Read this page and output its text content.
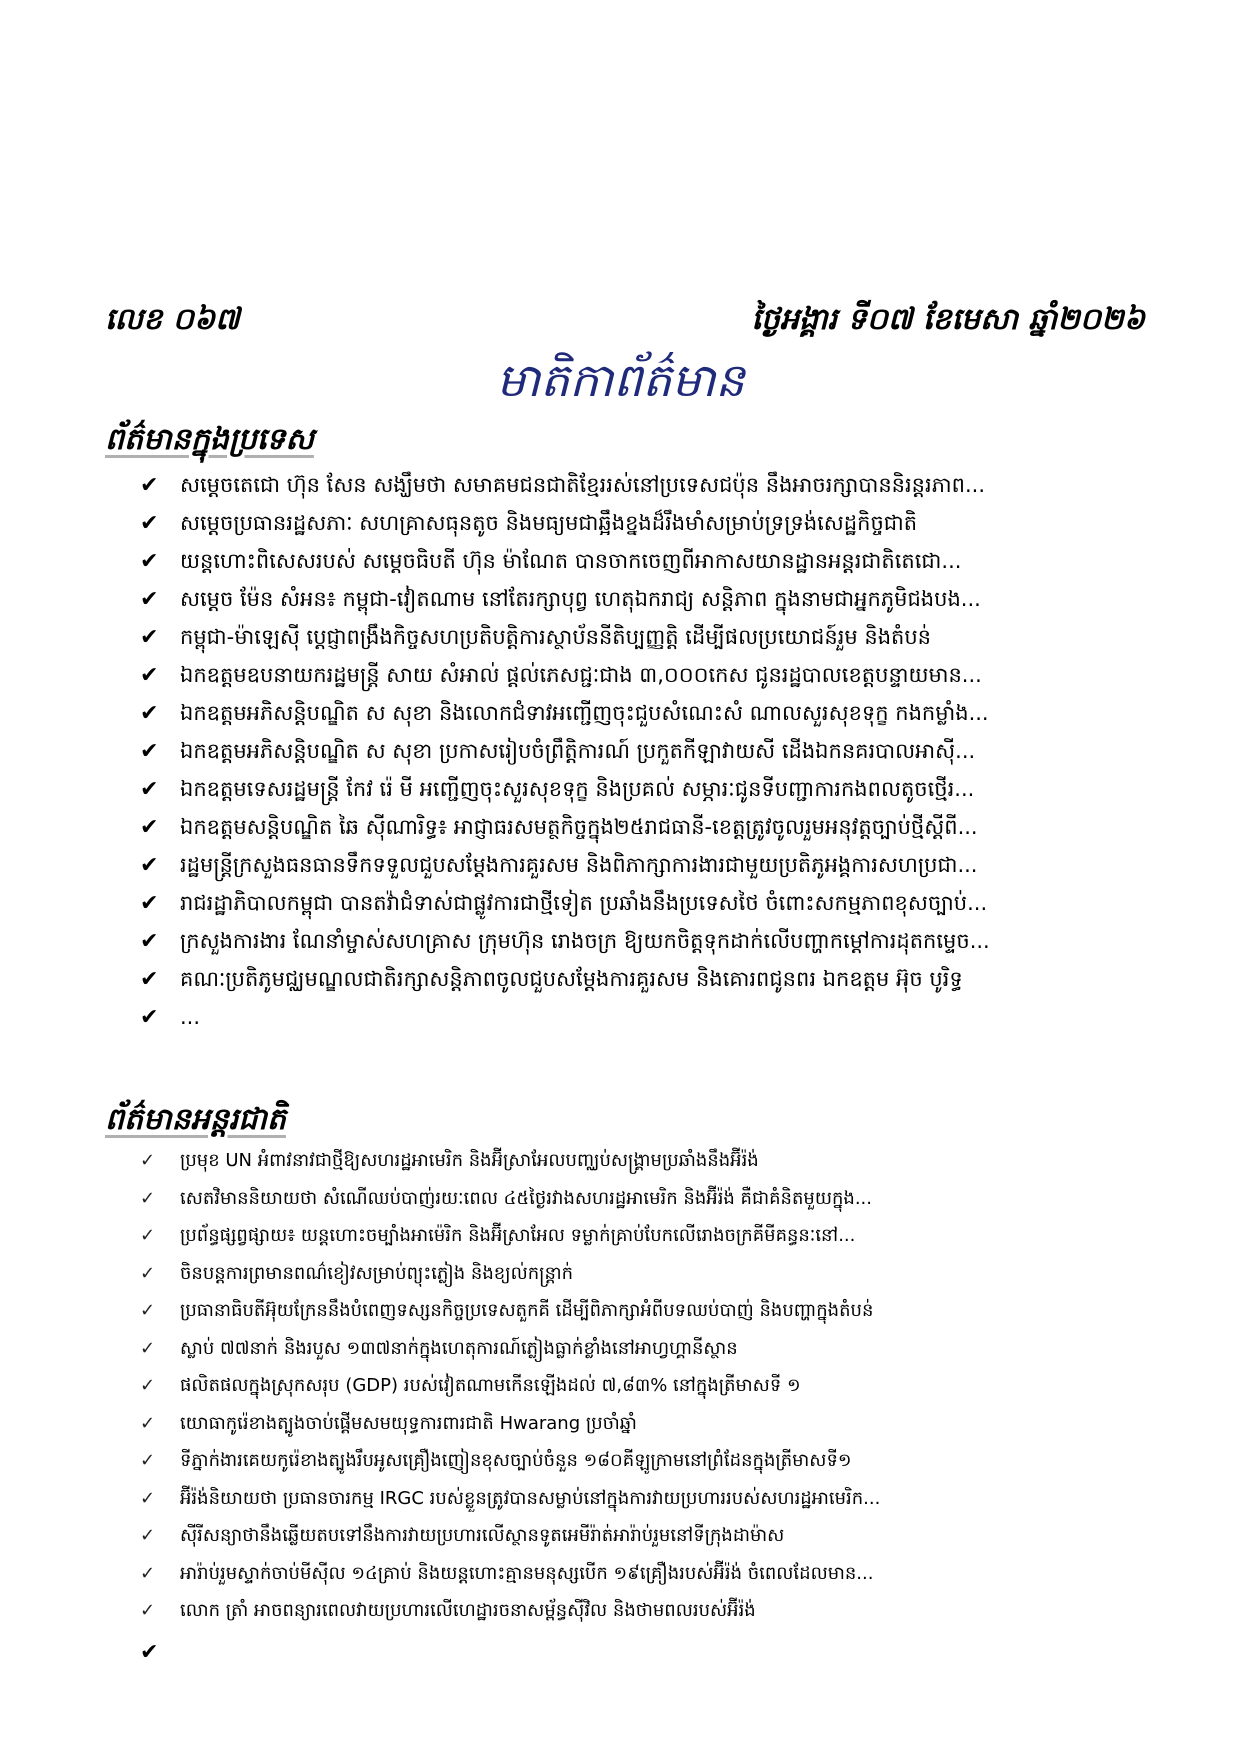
លេខ ០៦៧	ថ្ងៃអង្គារ ទី០៧ ខែមេសា ឆ្នាំ២០២៦
មាតិកាព័ត៌មាន
ព័ត៌មានក្នុងប្រទេស
✔ សម្ដេចតេជោ ហ៊ុន សែន សង្ឃឹមថា សមាគមជនជាតិខ្មែររស់នៅប្រទេសជប៉ុន នឹងអាចរក្សាបាននិរន្តរភាព...
✔ សម្ដេចប្រធានរដ្ឋសភាៈ សហគ្រាសធុនតូច និងមធ្យមជាឆ្អឹងខ្នងដ៏រឹងមាំសម្រាប់ទ្រទ្រង់សេដ្ឋកិច្ចជាតិ
✔ យន្តហោះពិសេសរបស់ សម្ដេចធិបតី ហ៊ុន ម៉ាណែត បានចាកចេញពីអាកាសយានដ្ឋានអន្តរជាតិតេជោ...
✔ សម្ដេច ម៉ែន សំអន៖ កម្ពុជា-វៀតណាម នៅតែរក្សាបុព្វ ហេតុឯករាជ្យ សន្តិភាព ក្នុងនាមជាអ្នកភូមិជងបង...
✔ កម្ពុជា-ម៉ាឡេស៊ី ប្ដេជ្ញាពង្រឹងកិច្ចសហប្រតិបត្តិការស្ថាប័ននីតិប្បញ្ញត្តិ ដើម្បីផលប្រយោជន៍រួម និងតំបន់
✔ ឯកឧត្តមឧបនាយករដ្ឋមន្ត្រី សាយ សំអាល់ ផ្តល់ភេសជ្ជៈជាង ៣,០០០កេស ជូនរដ្ឋបាលខេត្តបន្ទាយមាន...
✔ ឯកឧត្តមអភិសន្តិបណ្ឌិត ស សុខា និងលោកជំទាវអញ្ជើញចុះជួបសំណេះសំ ណាលសួរសុខទុក្ខ កងកម្លាំង...
✔ ឯកឧត្តមអភិសន្តិបណ្ឌិត ស សុខា ប្រកាសរៀបចំព្រឹត្តិការណ៍ ប្រកួតកីឡាវាយសី ដើងឯកនគរបាលអាស៊ី...
✔ ឯកឧត្តមទេសរដ្ឋមន្ត្រី កែវ រ៉េ មី អញ្ជើញចុះសួរសុខទុក្ខ និងប្រគល់ សម្ភារៈជូនទីបញ្ជាការកងពលតូចថ្មើរ...
✔ ឯកឧត្តមសន្តិបណ្ឌិត ឆៃ ស៊ីណារិទ្ធ៖ អាជ្ញាធរសមត្ថកិច្ចក្នុង២៥រាជធានី-ខេត្តត្រូវចូលរួមអនុវត្តច្បាប់ថ្មីស្តីពី...
✔ រដ្ឋមន្ត្រីក្រសួងធនធានទឹកទទួលជួបសម្ដែងការគួរសម និងពិភាក្សាការងារជាមួយប្រតិភូអង្គការសហប្រជា...
✔ រាជរដ្ឋាភិបាលកម្ពុជា បានតវ៉ាជំទាស់ជាផ្លូវការជាថ្មីទៀត ប្រឆាំងនឹងប្រទេសថៃ ចំពោះសកម្មភាពខុសច្បាប់...
✔ ក្រសួងការងារ ណែនាំម្ចាស់សហគ្រាស ក្រុមហ៊ុន រោងចក្រ ឱ្យយកចិត្តទុកដាក់លើបញ្ហាកម្ដៅការដុតកម្ទេច...
✔ គណៈប្រតិភូមជ្ឈមណ្ឌលជាតិរក្សាសន្តិភាពចូលជួបសម្ដែងការគួរសម និងគោរពជូនពរ ឯកឧត្តម អ៊ុច បូរិទ្ធ
✔ ...
ព័ត៌មានអន្តរជាតិ
✓ ប្រមុខ UN អំពាវនាវជាថ្មីឱ្យសហរដ្ឋអាមេរិក និងអ៊ីស្រាអែលបញ្ឈប់សង្គ្រាមប្រឆាំងនឹងអ៊ីរ៉ង់
✓ សេតវិមាននិយាយថា សំណើឈប់បាញ់រយៈពេល ៤៥ថ្ងៃរវាងសហរដ្ឋអាមេរិក និងអ៊ីរ៉ង់ គឺជាគំនិតមួយក្នុង...
✓ ប្រព័ន្ធផ្សព្វផ្សាយ៖ យន្តហោះចម្បាំងអាម៉េរិក និងអ៊ីស្រាអែល ទម្លាក់គ្រាប់បែកលើរោងចក្រគីមីគន្ធនៈនៅ...
✓ ចិនបន្តការព្រមានពណ៌ខៀវសម្រាប់ព្យុះភ្លៀង និងខ្យល់កន្ត្រាក់
✓ ប្រធានាធិបតីអ៊ុយក្រែននឹងបំពេញទស្សនកិច្ចប្រទេសតួកគី ដើម្បីពិភាក្សាអំពីបទឈប់បាញ់ និងបញ្ហាក្នុងតំបន់
✓ ស្លាប់ ៧៧នាក់ និងរបួស ១៣៧នាក់ក្នុងហេតុការណ៍ភ្លៀងធ្លាក់ខ្លាំងនៅអាហ្វហ្គានីស្ថាន
✓ ផលិតផលក្នុងស្រុកសរុប (GDP) របស់វៀតណាមកើនឡើងដល់ ៧,៨៣% នៅក្នុងត្រីមាសទី ១
✓ យោធាកូរ៉េខាងត្បូងចាប់ផ្ដើមសមយុទ្ធការពារជាតិ Hwarang ប្រចាំឆ្នាំ
✓ ទីភ្នាក់ងារគេយកូរ៉េខាងត្បូងរឹបអូសគ្រឿងញៀនខុសច្បាប់ចំនួន ១៨០គីឡូក្រាមនៅព្រំដែនក្នុងត្រីមាសទី១
✓ អ៊ីរ៉ង់និយាយថា ប្រធានចារកម្ម IRGC របស់ខ្លួនត្រូវបានសម្លាប់នៅក្នុងការវាយប្រហាររបស់សហរដ្ឋអាមេរិក...
✓ ស៊ីរីសន្យាថានឹងឆ្លើយតបទៅនឹងការវាយប្រហារលើស្ថានទូតអេមីរ៉ាត់អារ៉ាប់រួមនៅទីក្រុងដាម៉ាស
✓ អារ៉ាប់រួមស្ទាក់ចាប់មីស៊ីល ១៤គ្រាប់ និងយន្តហោះគ្មានមនុស្សបើក ១៩គ្រឿងរបស់អ៊ីរ៉ង់ ចំពេលដែលមាន...
✓ លោក ត្រាំ អាចពន្យារពេលវាយប្រហារលើហេដ្ឋារចនាសម្ព័ន្ធស៊ីវិល និងថាមពលរបស់អ៊ីរ៉ង់
✔
